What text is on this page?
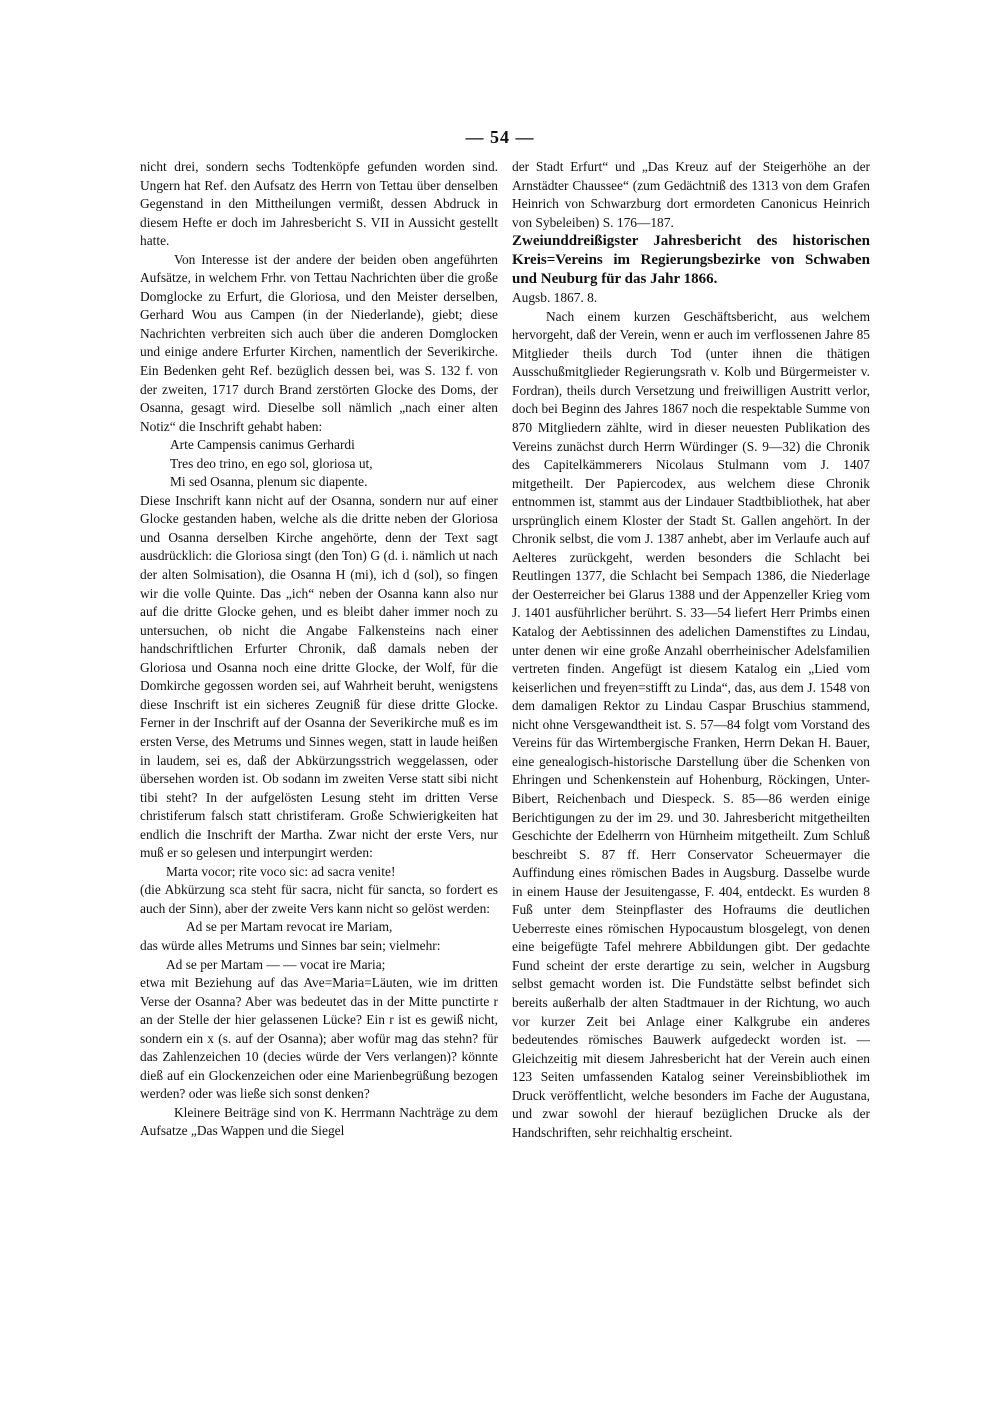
— 54 —

nicht drei, sondern sechs Todtenköpfe gefunden worden sind. Ungern hat Ref. den Aufsatz des Herrn von Tettau über denselben Gegenstand in den Mittheilungen vermißt, dessen Abdruck in diesem Hefte er doch im Jahresbericht S. VII in Aussicht gestellt hatte.

Von Interesse ist der andere der beiden oben angeführten Aufsätze, in welchem Frhr. von Tettau Nachrichten über die große Domglocke zu Erfurt, die Gloriosa, und den Meister derselben, Gerhard Wou aus Campen (in der Niederlande), giebt; diese Nachrichten verbreiten sich auch über die anderen Domglocken und einige andere Erfurter Kirchen, namentlich der Severikirche. Ein Bedenken geht Ref. bezüglich dessen bei, was S. 132 f. von der zweiten, 1717 durch Brand zerstörten Glocke des Doms, der Osanna, gesagt wird. Dieselbe soll nämlich „nach einer alten Notiz“ die Inschrift gehabt haben:

Arte Campensis canimus Gerhardi

Tres deo trino, en ego sol, gloriosa ut,

Mi sed Osanna, plenum sic diapente.

Diese Inschrift kann nicht auf der Osanna, sondern nur auf einer Glocke gestanden haben, welche als die dritte neben der Gloriosa und Osanna derselben Kirche angehörte, denn der Text sagt ausdrücklich: die Gloriosa singt (den Ton) G (d. i. nämlich ut nach der alten Solmisation), die Osanna H (mi), ich d (sol), so fingen wir die volle Quinte. Das „ich“ neben der Osanna kann also nur auf die dritte Glocke gehen, und es bleibt daher immer noch zu untersuchen, ob nicht die Angabe Falkensteins nach einer handschriftlichen Erfurter Chronik, daß damals neben der Gloriosa und Osanna noch eine dritte Glocke, der Wolf, für die Domkirche gegossen worden sei, auf Wahrheit beruht, wenigstens diese Inschrift ist ein sicheres Zeugniß für diese dritte Glocke. Ferner in der Inschrift auf der Osanna der Severikirche muß es im ersten Verse, des Metrums und Sinnes wegen, statt in laude heißen in laudem, sei es, daß der Abkürzungsstrich weggelassen, oder übersehen worden ist. Ob sodann im zweiten Verse statt sibi nicht tibi steht? In der aufgelösten Lesung steht im dritten Verse christiferum falsch statt christiferam. Große Schwierigkeiten hat endlich die Inschrift der Martha. Zwar nicht der erste Vers, nur muß er so gelesen und interpungirt werden:

Marta vocor; rite voco sic: ad sacra venite!

(die Abkürzung sca steht für sacra, nicht für sancta, so fordert es auch der Sinn), aber der zweite Vers kann nicht so gelöst werden:

Ad se per Martam revocat ire Mariam,

das würde alles Metrums und Sinnes bar sein; vielmehr:

Ad se per Martam — — vocat ire Maria;

etwa mit Beziehung auf das Ave=Maria=Läuten, wie im dritten Verse der Osanna? Aber was bedeutet das in der Mitte punctirte r an der Stelle der hier gelassenen Lücke? Ein r ist es gewiß nicht, sondern ein x (s. auf der Osanna); aber wofür mag das stehn? für das Zahlenzeichen 10 (decies würde der Vers verlangen)? könnte dieß auf ein Glockenzeichen oder eine Marienbegrüßung bezogen werden? oder was ließe sich sonst denken?

Kleinere Beiträge sind von K. Herrmann Nachträge zu dem Aufsatze „Das Wappen und die Siegel

der Stadt Erfurt“ und „Das Kreuz auf der Steigerhöhe an der Arnstädter Chaussee“ (zum Gedächtniß des 1313 von dem Grafen Heinrich von Schwarzburg dort ermordeten Canonicus Heinrich von Sybeleiben) S. 176—187.

Zweiunddreißigster Jahresbericht des historischen Kreis=Vereins im Regierungsbezirke von Schwaben und Neuburg für das Jahr 1866.

Augsb. 1867. 8.

Nach einem kurzen Geschäftsbericht, aus welchem hervorgeht, daß der Verein, wenn er auch im verflossenen Jahre 85 Mitglieder theils durch Tod (unter ihnen die thätigen Ausschußmitglieder Regierungsrath v. Kolb und Bürgermeister v. Fordran), theils durch Versetzung und freiwilligen Austritt verlor, doch bei Beginn des Jahres 1867 noch die respektable Summe von 870 Mitgliedern zählte, wird in dieser neuesten Publikation des Vereins zunächst durch Herrn Würdinger (S. 9—32) die Chronik des Capitelkämmerers Nicolaus Stulmann vom J. 1407 mitgetheilt. Der Papiercodex, aus welchem diese Chronik entnommen ist, stammt aus der Lindauer Stadtbibliothek, hat aber ursprünglich einem Kloster der Stadt St. Gallen angehört. In der Chronik selbst, die vom J. 1387 anhebt, aber im Verlaufe auch auf Aelteres zurückgeht, werden besonders die Schlacht bei Reutlingen 1377, die Schlacht bei Sempach 1386, die Niederlage der Oesterreicher bei Glarus 1388 und der Appenzeller Krieg vom J. 1401 ausführlicher berührt. S. 33—54 liefert Herr Primbs einen Katalog der Aebtissinnen des adelichen Damenstiftes zu Lindau, unter denen wir eine große Anzahl oberrheinischer Adelsfamilien vertreten finden. Angefügt ist diesem Katalog ein „Lied vom keiserlichen und freyen=stifft zu Linda“, das, aus dem J. 1548 von dem damaligen Rektor zu Lindau Caspar Bruschius stammend, nicht ohne Versgewandtheit ist. S. 57—84 folgt vom Vorstand des Vereins für das Wirtembergische Franken, Herrn Dekan H. Bauer, eine genealogisch-historische Darstellung über die Schenken von Ehringen und Schenkenstein auf Hohenburg, Röckingen, Unter-Bibert, Reichenbach und Diespeck. S. 85—86 werden einige Berichtigungen zu der im 29. und 30. Jahresbericht mitgetheilten Geschichte der Edelherrn von Hürnheim mitgetheilt. Zum Schluß beschreibt S. 87 ff. Herr Conservator Scheuermayer die Auffindung eines römischen Bades in Augsburg. Dasselbe wurde in einem Hause der Jesuitengasse, F. 404, entdeckt. Es wurden 8 Fuß unter dem Steinpflaster des Hofraums die deutlichen Ueberreste eines römischen Hypocaustum blosgelegt, von denen eine beigefügte Tafel mehrere Abbildungen gibt. Der gedachte Fund scheint der erste derartige zu sein, welcher in Augsburg selbst gemacht worden ist. Die Fundstätte selbst befindet sich bereits außerhalb der alten Stadtmauer in der Richtung, wo auch vor kurzer Zeit bei Anlage einer Kalkgrube ein anderes bedeutendes römisches Bauwerk aufgedeckt worden ist. — Gleichzeitig mit diesem Jahresbericht hat der Verein auch einen 123 Seiten umfassenden Katalog seiner Vereinsbibliothek im Druck veröffentlicht, welche besonders im Fache der Augustana, und zwar sowohl der hierauf bezüglichen Drucke als der Handschriften, sehr reichhaltig erscheint.
